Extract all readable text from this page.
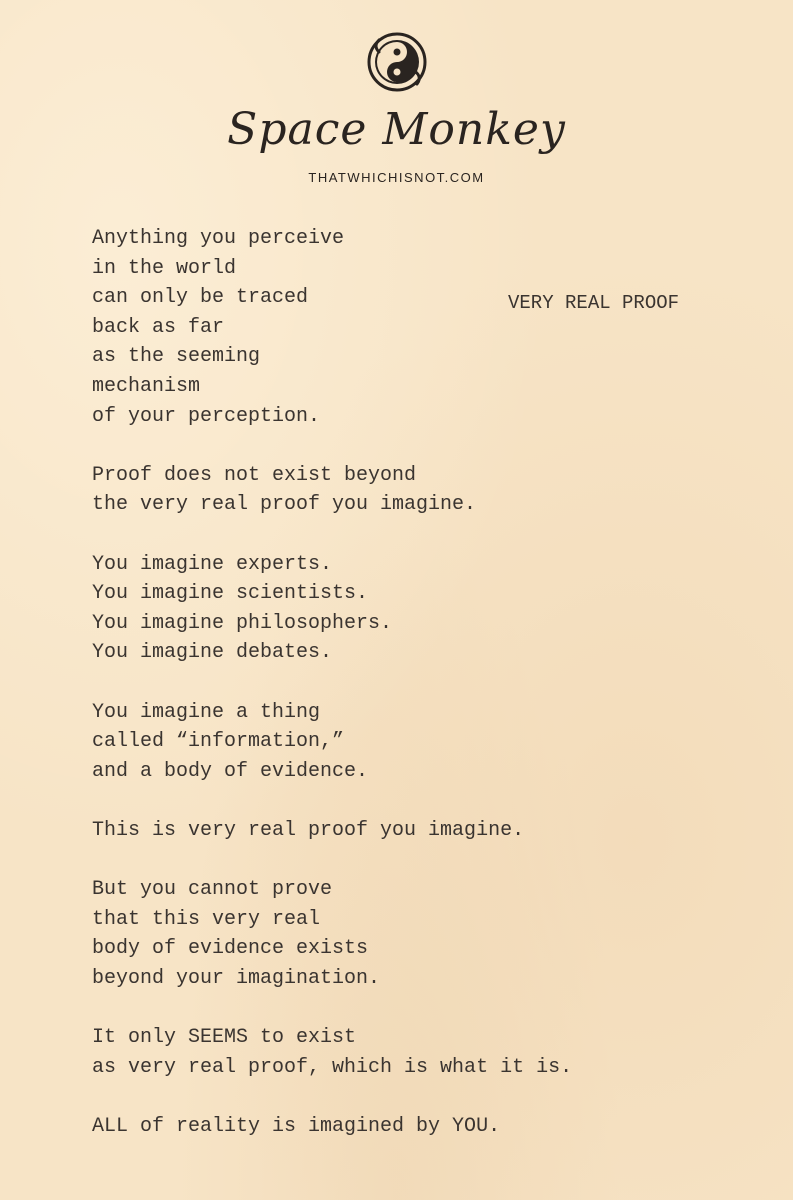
Space Monkey
THATWHICHISNOT.COM
VERY REAL PROOF
Anything you perceive
in the world
can only be traced
back as far
as the seeming
mechanism
of your perception.
Proof does not exist beyond
the very real proof you imagine.
You imagine experts.
You imagine scientists.
You imagine philosophers.
You imagine debates.
You imagine a thing
called “information,”
and a body of evidence.
This is very real proof you imagine.
But you cannot prove
that this very real
body of evidence exists
beyond your imagination.
It only SEEMS to exist
as very real proof, which is what it is.
ALL of reality is imagined by YOU.
